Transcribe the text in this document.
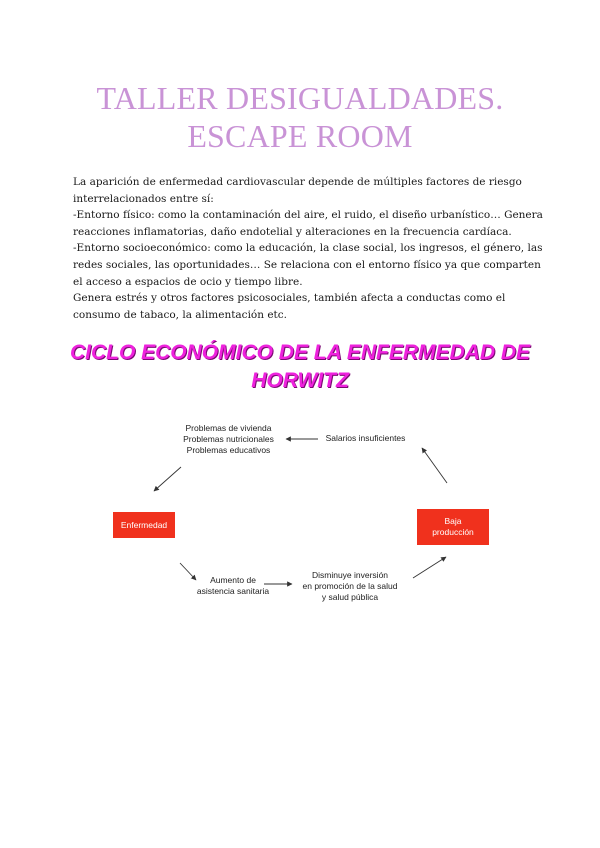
TALLER DESIGUALDADES.
ESCAPE ROOM

La aparición de enfermedad cardiovascular depende de múltiples factores de riesgo interrelacionados entre sí:

-Entorno físico: como la contaminación del aire, el ruido, el diseño urbanístico… Genera reacciones inflamatorias, daño endotelial y alteraciones en la frecuencia cardíaca.

-Entorno socioeconómico: como la educación, la clase social, los ingresos, el género, las redes sociales, las oportunidades… Se relaciona con el entorno físico ya que comparten el acceso a espacios de ocio y tiempo libre.

Genera estrés y otros factores psicosociales, también afecta a conductas como el consumo de tabaco, la alimentación etc.

CICLO ECONÓMICO DE LA ENFERMEDAD DE
HORWITZ
Problemas de vivienda
Problemas nutricionales
Problemas educativos
Salarios insuficientes
Enfermedad	Baja
producción
Aumento de
asistencia sanitaria
Disminuye inversión
en promoción de la salud
y salud pública
